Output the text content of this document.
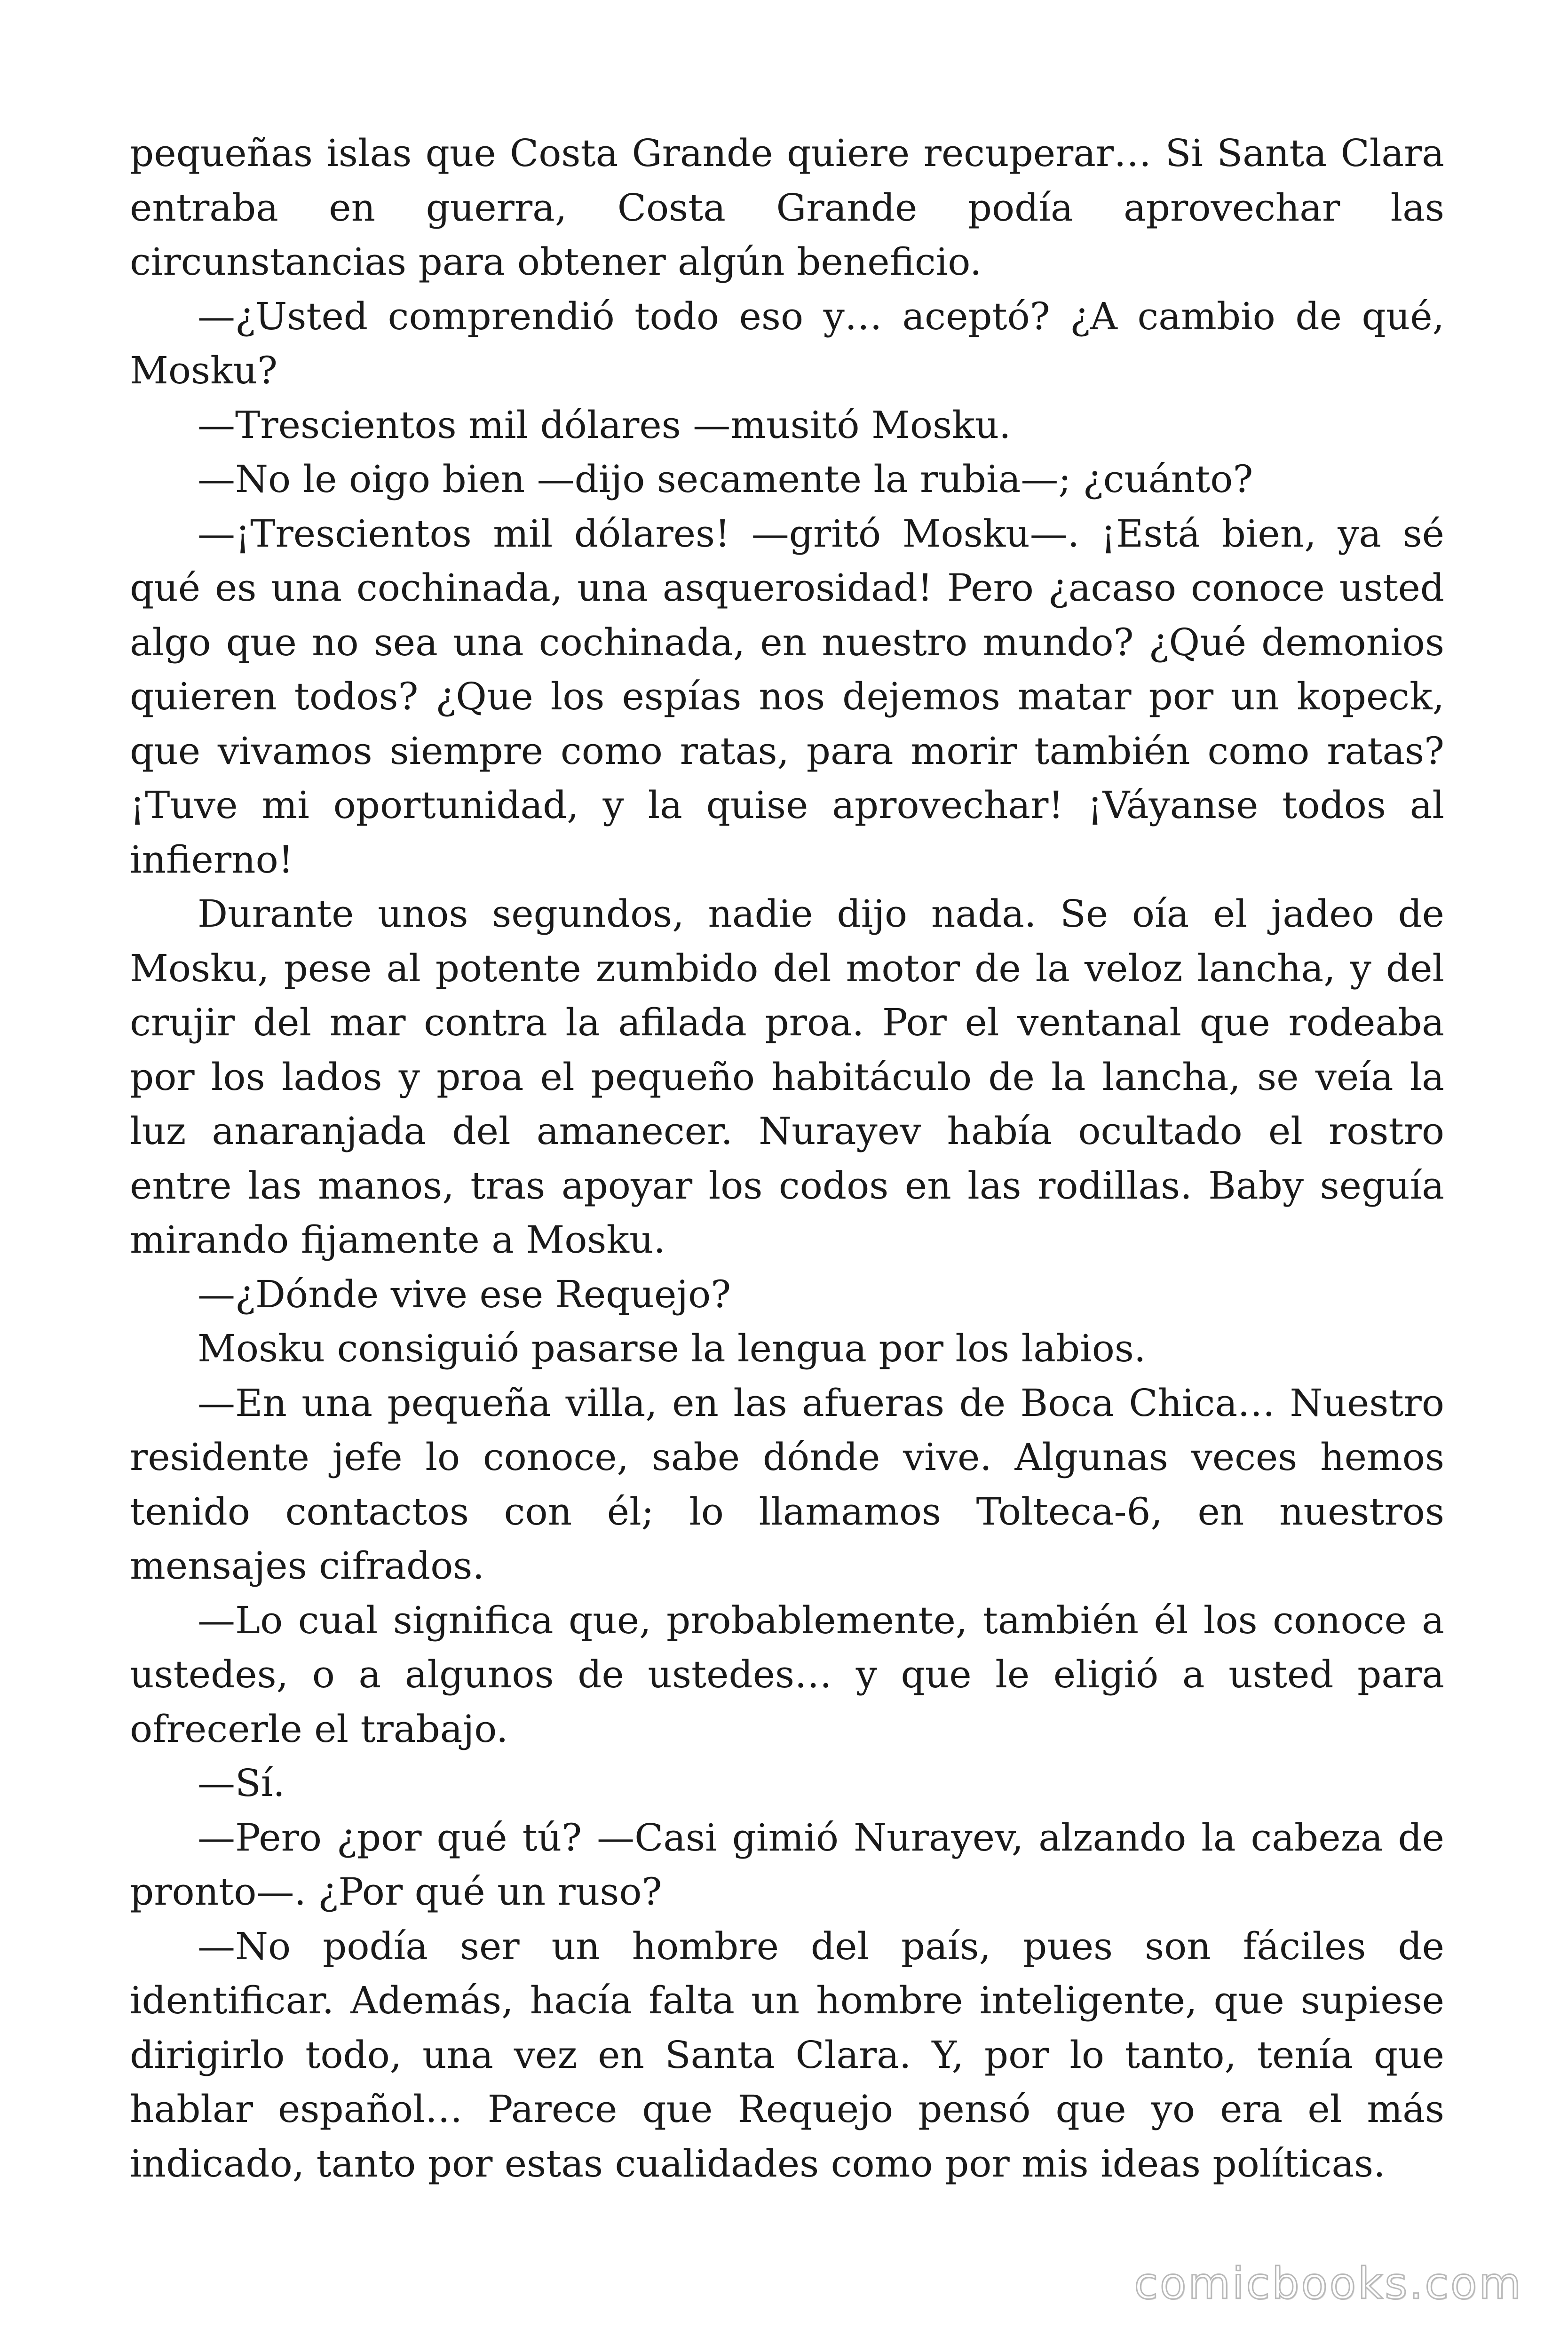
pequeñas islas que Costa Grande quiere recuperar… Si Santa Clara entraba en guerra, Costa Grande podía aprovechar las circunstancias para obtener algún beneficio.

—¿Usted comprendió todo eso y… aceptó? ¿A cambio de qué, Mosku?

—Trescientos mil dólares —musitó Mosku.

—No le oigo bien —dijo secamente la rubia—; ¿cuánto?

—¡Trescientos mil dólares! —gritó Mosku—. ¡Está bien, ya sé qué es una cochinada, una asquerosidad! Pero ¿acaso conoce usted algo que no sea una cochinada, en nuestro mundo? ¿Qué demonios quieren todos? ¿Que los espías nos dejemos matar por un kopeck, que vivamos siempre como ratas, para morir también como ratas? ¡Tuve mi oportunidad, y la quise aprovechar! ¡Váyanse todos al infierno!

Durante unos segundos, nadie dijo nada. Se oía el jadeo de Mosku, pese al potente zumbido del motor de la veloz lancha, y del crujir del mar contra la afilada proa. Por el ventanal que rodeaba por los lados y proa el pequeño habitáculo de la lancha, se veía la luz anaranjada del amanecer. Nurayev había ocultado el rostro entre las manos, tras apoyar los codos en las rodillas. Baby seguía mirando fijamente a Mosku.

—¿Dónde vive ese Requejo?

Mosku consiguió pasarse la lengua por los labios.

—En una pequeña villa, en las afueras de Boca Chica… Nuestro residente jefe lo conoce, sabe dónde vive. Algunas veces hemos tenido contactos con él; lo llamamos Tolteca-6, en nuestros mensajes cifrados.

—Lo cual significa que, probablemente, también él los conoce a ustedes, o a algunos de ustedes… y que le eligió a usted para ofrecerle el trabajo.

—Sí.

—Pero ¿por qué tú? —Casi gimió Nurayev, alzando la cabeza de pronto—. ¿Por qué un ruso?

—No podía ser un hombre del país, pues son fáciles de identificar. Además, hacía falta un hombre inteligente, que supiese dirigirlo todo, una vez en Santa Clara. Y, por lo tanto, tenía que hablar español… Parece que Requejo pensó que yo era el más indicado, tanto por estas cualidades como por mis ideas políticas.

comicbooks.com
